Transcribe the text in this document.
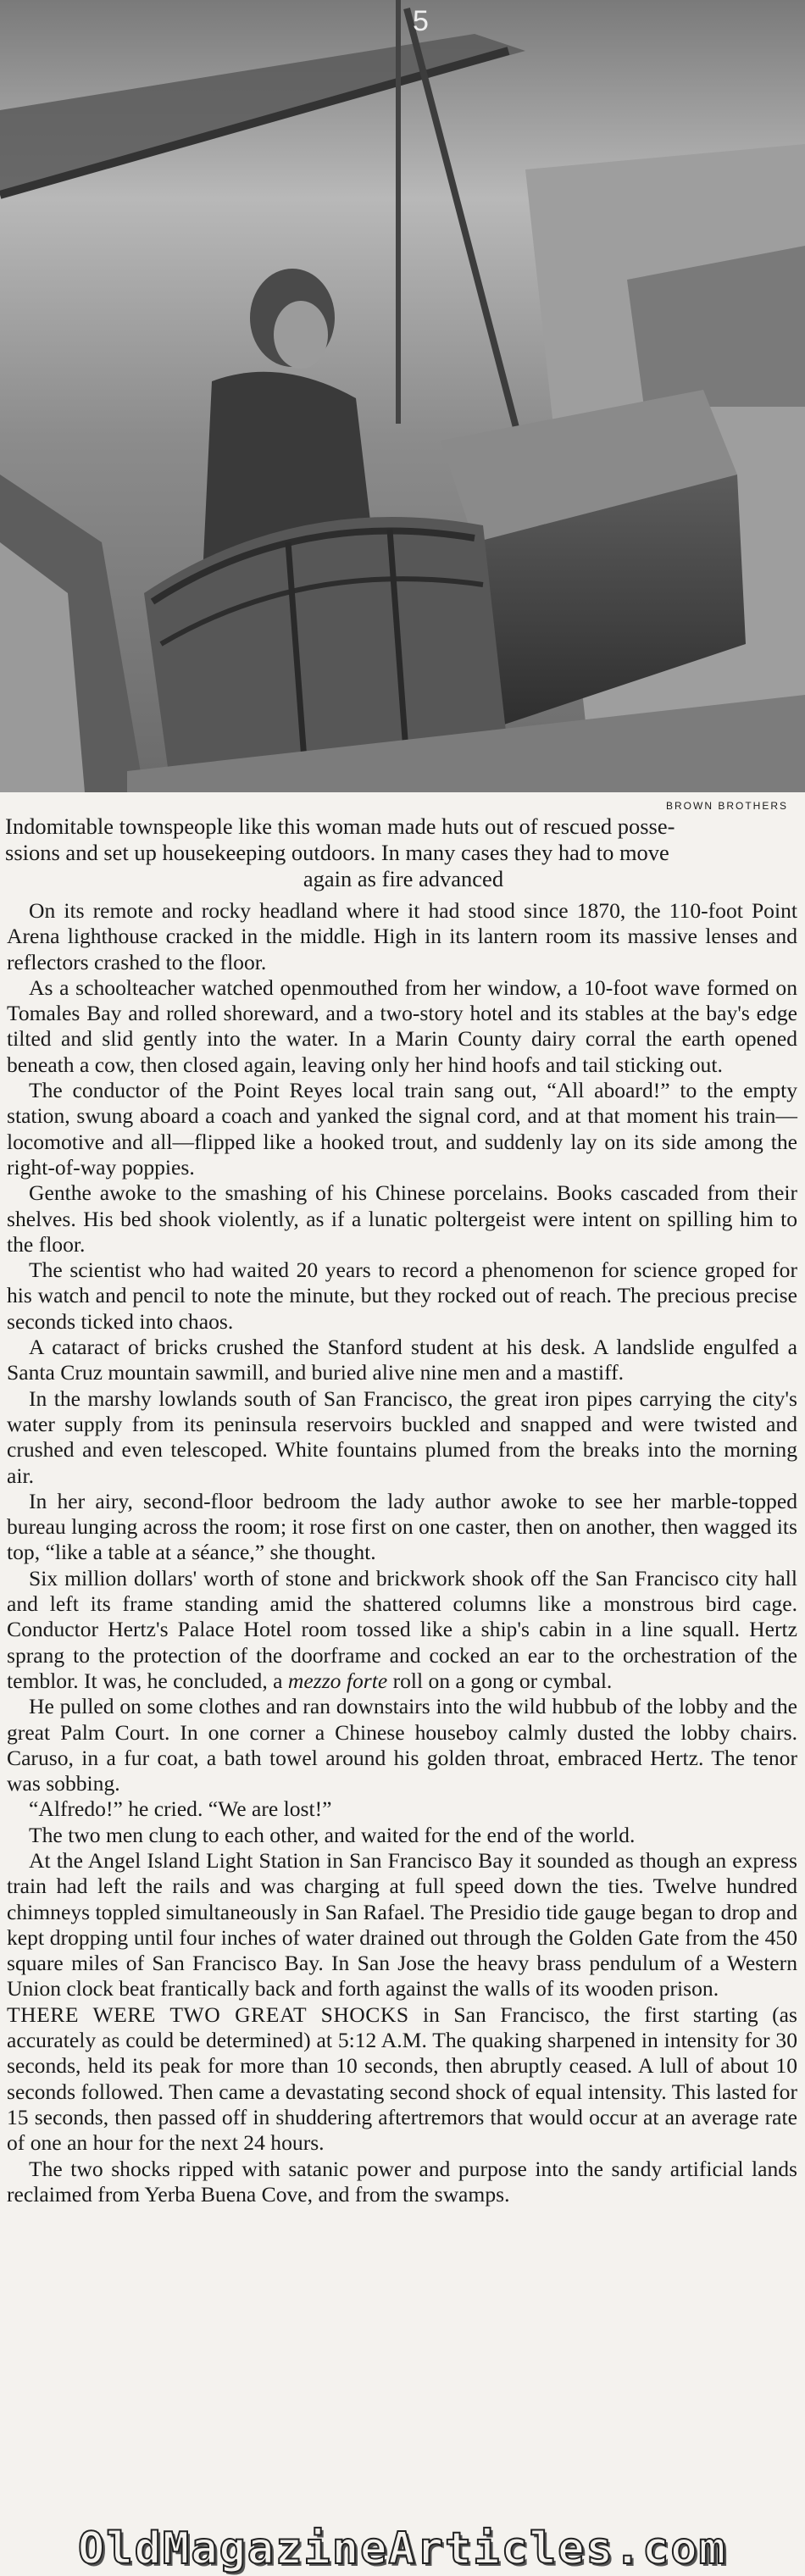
5
BROWN BROTHERS

Indomitable townspeople like this woman made huts out of rescued posse-

ssions and set up housekeeping outdoors. In many cases they had to move

again as fire advanced

On its remote and rocky headland where it had stood since 1870, the 110-foot Point Arena lighthouse cracked in the middle. High in its lantern room its massive lenses and reflectors crashed to the floor.

As a schoolteacher watched openmouthed from her window, a 10-foot wave formed on Tomales Bay and rolled shoreward, and a two-story hotel and its stables at the bay's edge tilted and slid gently into the water. In a Marin County dairy corral the earth opened beneath a cow, then closed again, leaving only her hind hoofs and tail sticking out.

The conductor of the Point Reyes local train sang out, “All aboard!” to the empty station, swung aboard a coach and yanked the signal cord, and at that moment his train—locomotive and all—flipped like a hooked trout, and suddenly lay on its side among the right-of-way poppies.

Genthe awoke to the smashing of his Chinese porcelains. Books cascaded from their shelves. His bed shook violently, as if a lunatic poltergeist were intent on spilling him to the floor.

The scientist who had waited 20 years to record a phenomenon for science groped for his watch and pencil to note the minute, but they rocked out of reach. The precious precise seconds ticked into chaos.

A cataract of bricks crushed the Stanford student at his desk. A landslide engulfed a Santa Cruz mountain sawmill, and buried alive nine men and a mastiff.

In the marshy lowlands south of San Francisco, the great iron pipes carrying the city's water supply from its peninsula reservoirs buckled and snapped and were twisted and crushed and even telescoped. White fountains plumed from the breaks into the morning air.

In her airy, second-floor bedroom the lady author awoke to see her marble-topped bureau lunging across the room; it rose first on one caster, then on another, then wagged its top, “like a table at a séance,” she thought.

Six million dollars' worth of stone and brickwork shook off the San Francisco city hall and left its frame standing amid the shattered columns like a monstrous bird cage. Conductor Hertz's Palace Hotel room tossed like a ship's cabin in a line squall. Hertz sprang to the protection of the doorframe and cocked an ear to the orchestration of the temblor. It was, he concluded, a mezzo forte roll on a gong or cymbal.

He pulled on some clothes and ran downstairs into the wild hubbub of the lobby and the great Palm Court. In one corner a Chinese houseboy calmly dusted the lobby chairs. Caruso, in a fur coat, a bath towel around his golden throat, embraced Hertz. The tenor was sobbing.

“Alfredo!” he cried. “We are lost!”

The two men clung to each other, and waited for the end of the world.

At the Angel Island Light Station in San Francisco Bay it sounded as though an express train had left the rails and was charging at full speed down the ties. Twelve hundred chimneys toppled simultaneously in San Rafael. The Presidio tide gauge began to drop and kept dropping until four inches of water drained out through the Golden Gate from the 450 square miles of San Francisco Bay. In San Jose the heavy brass pendulum of a Western Union clock beat frantically back and forth against the walls of its wooden prison.

THERE WERE TWO GREAT SHOCKS in San Francisco, the first starting (as accurately as could be determined) at 5:12 A.M. The quaking sharpened in intensity for 30 seconds, held its peak for more than 10 seconds, then abruptly ceased. A lull of about 10 seconds followed. Then came a devastating second shock of equal intensity. This lasted for 15 seconds, then passed off in shuddering aftertremors that would occur at an average rate of one an hour for the next 24 hours.

The two shocks ripped with satanic power and purpose into the sandy artificial lands reclaimed from Yerba Buena Cove, and from the swamps.

OldMagazineArticles.com
